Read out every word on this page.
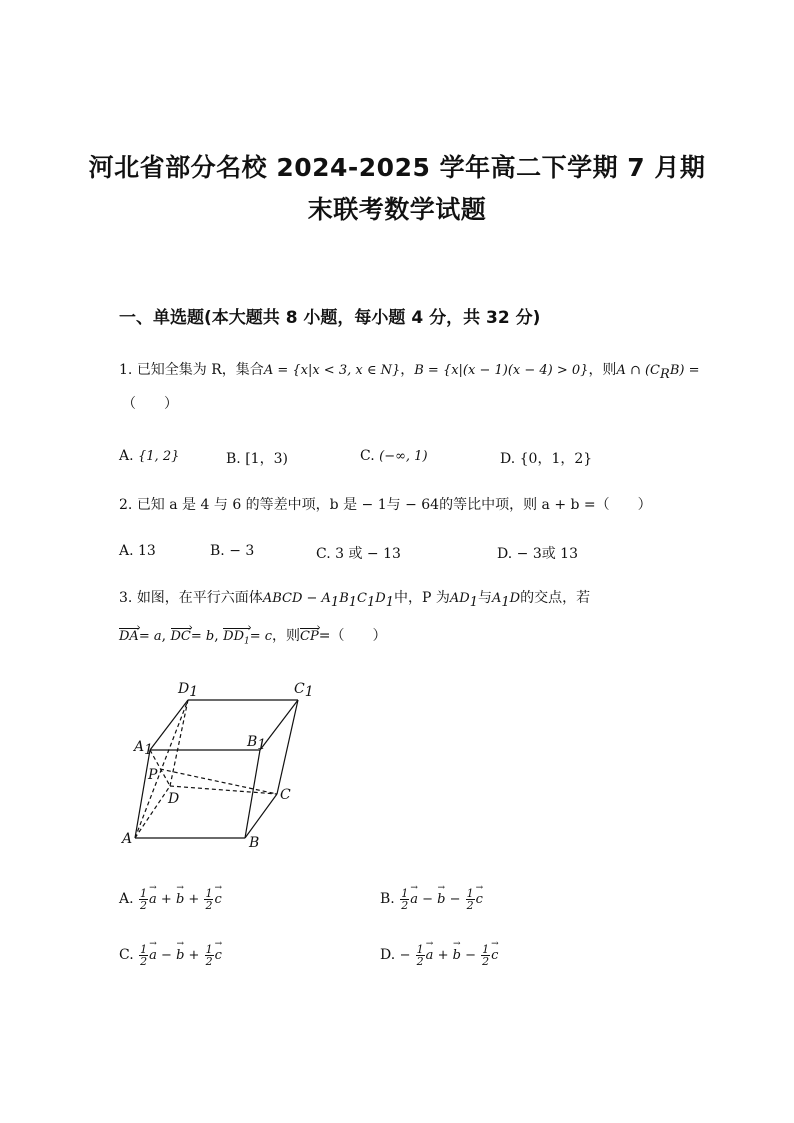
河北省部分名校 2024-2025 学年高二下学期 7 月期
末联考数学试题
一、单选题(本大题共 8 小题，每小题 4 分，共 32 分)
1. 已知全集为 R，集合A = {x|x < 3, x ∈ N}，B = {x|(x − 1)(x − 4) > 0}，则A ∩ $(C_RB)$ =
（　　）
A. {1, 2}	B. [1，3)	C. (−∞, 1)	D. {0，1，2}
2. 已知 a 是 4 与 6 的等差中项，b 是 − 1与 − 64的等比中项，则 a + b =（　　）
A. 13	B. − 3	C. 3 或 − 13	D. − 3或 13
3. 如图，在平行六面体ABCD − $A_1B_1C_1D_1$中，P 为$AD_1$与$A_1D$的交点，若
DA ›= a, DC ›= b, $DD_1$ ›= c，则CP ›=（　　）
D1	C1
A1	B1
P
D	C
A	B
A. $\frac{1}{2}$
→ a + → $b + \frac{1}{2}$
→ c	B. $\frac{1}{2}$
→ a − → $b - \frac{1}{2}$
→ c
C. $\frac{1}{2}$
→ a − → $b + \frac{1}{2}$
→ c	D. − $\frac{1}{2}$
→ a + → $b - \frac{1}{2}$
→ c
